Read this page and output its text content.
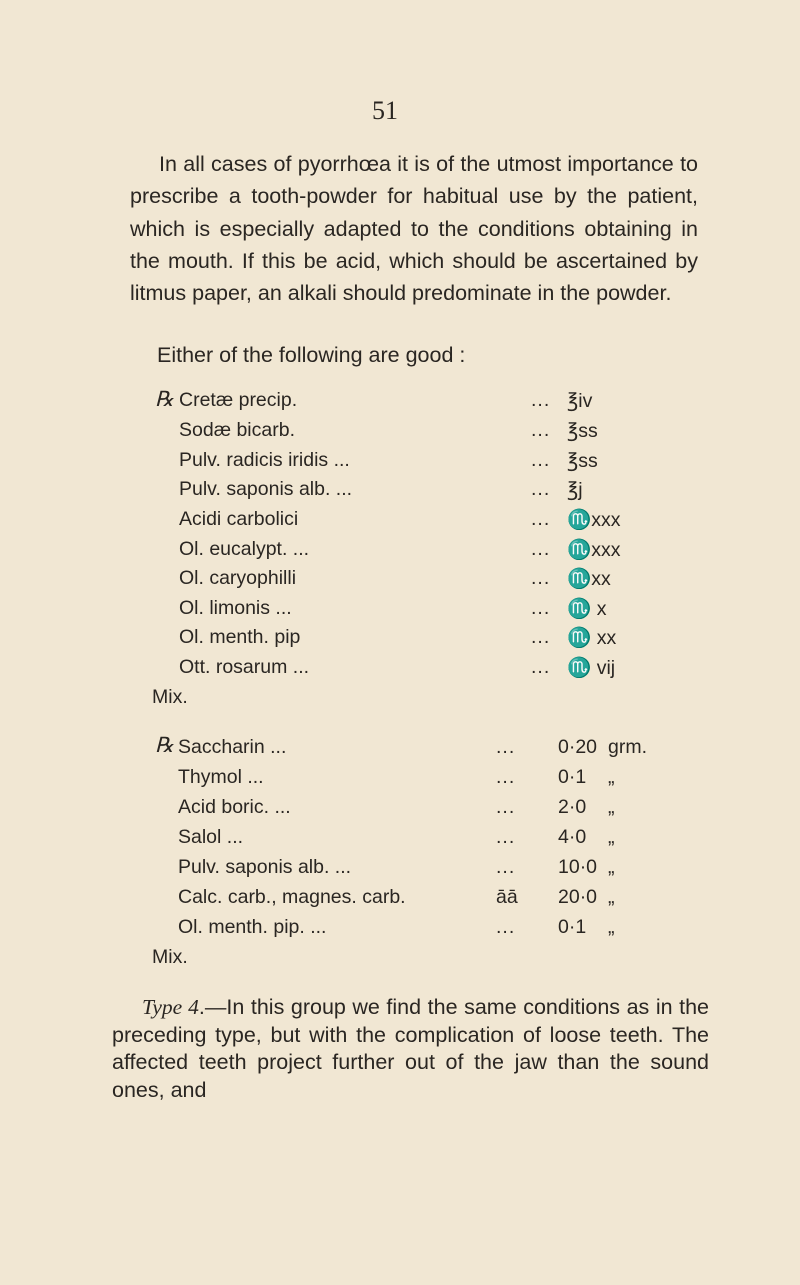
51

In all cases of pyorrhœa it is of the utmost importance to prescribe a tooth-powder for habitual use by the patient, which is especially adapted to the conditions obtaining in the mouth. If this be acid, which should be ascertained by litmus paper, an alkali should predominate in the powder.

Either of the following are good :
℞ Cretæ precip.	... ℥iv
Sodæ bicarb.	... ℥ss
Pulv. radicis iridis ...	... ℥ss
Pulv. saponis alb. ...	... ℥j
Acidi carbolici	... ♏xxx
Ol. eucalypt. ...	... ♏xxx
Ol. caryophilli	... ♏xx
Ol. limonis ...	... ♏ x
Ol. menth. pip	... ♏ xx
Ott. rosarum ...	... ♏ vij
Mix.
℞ Saccharin ...	... 0·20 grm.
Thymol ...	... 0·1 „
Acid boric. ...	... 2·0 „
Salol ...	... 4·0 „
Pulv. saponis alb. ...	... 10·0 „
Calc. carb., magnes. carb.	āā 20·0 „
Ol. menth. pip. ...	... 0·1 „
Mix.

Type 4.—In this group we find the same conditions as in the preceding type, but with the complication of loose teeth. The affected teeth project further out of the jaw than the sound ones, and
